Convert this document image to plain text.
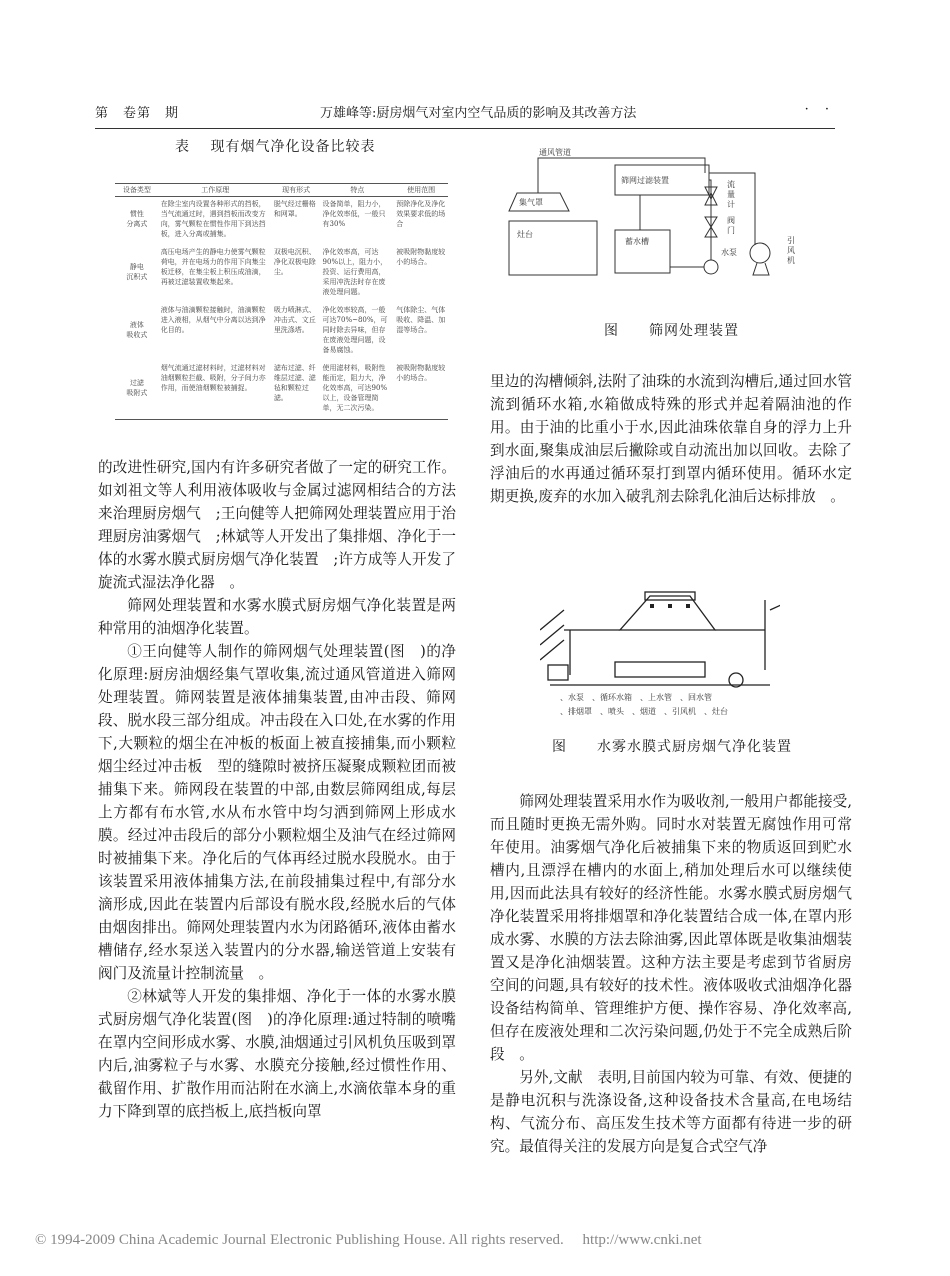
第　卷第　期	万雄峰等:厨房烟气对室内空气品质的影响及其改善方法	· ·
表　 现有烟气净化设备比较表
设备类型	工作原理	现有形式	特点	使用范围
惯性
分离式	在除尘室内设置各种形式的挡板，当气流通过时，遇到挡板而改变方向，雾气颗粒在惯性作用下到达挡板，进入分离或捕集。	脱气经过栅格和网罩。	设备简单，阻力小，净化效率低，一般只有30%	预除净化及净化效果要求低的场合
静电
沉积式	高压电场产生的静电力使雾气颗粒荷电，并在电场力的作用下向集尘板迁移，在集尘板上积压成油滴，再被过滤装置收集起来。	双极电沉积、净化双极电除尘。	净化效率高，可达90%以上，阻力小，投资、运行费用高，采用冲洗法时存在废液处理问题。	被吸附物黏度较小的场合。
液体
吸收式	液体与油滴颗粒接触时，油滴颗粒进入液相，从烟气中分离以达到净化目的。	吸力喷淋式、冲击式、文丘里洗涤塔。	净化效率较高，一般可达70%~80%，可同时除去异味，但存在废液处理问题，设备易腐蚀。	气体除尘、气体吸收、降温、加湿等场合。
过滤
吸附式	烟气流通过滤材料时，过滤材料对油烟颗粒拦截、吸附，分子间力亦作用，而使油烟颗粒被捕捉。	滤布过滤、纤维层过滤、滤毡和颗粒过滤。	使用滤材料，吸附性能而定，阻力大，净化效率高，可达90%以上，设备管理简单，无二次污染。	被吸附物黏度较小的场合。

的改进性研究,国内有许多研究者做了一定的研究工作。如刘祖文等人利用液体吸收与金属过滤网相结合的方法来治理厨房烟气　;王向健等人把筛网处理装置应用于治理厨房油雾烟气　;林斌等人开发出了集排烟、净化于一体的水雾水膜式厨房烟气净化装置　;许方成等人开发了旋流式湿法净化器　。

筛网处理装置和水雾水膜式厨房烟气净化装置是两种常用的油烟净化装置。

①王向健等人制作的筛网烟气处理装置(图　)的净化原理:厨房油烟经集气罩收集,流过通风管道进入筛网处理装置。筛网装置是液体捕集装置,由冲击段、筛网段、脱水段三部分组成。冲击段在入口处,在水雾的作用下,大颗粒的烟尘在冲板的板面上被直接捕集,而小颗粒烟尘经过冲击板　型的缝隙时被挤压凝聚成颗粒团而被捕集下来。筛网段在装置的中部,由数层筛网组成,每层上方都有布水管,水从布水管中均匀洒到筛网上形成水膜。经过冲击段后的部分小颗粒烟尘及油气在经过筛网时被捕集下来。净化后的气体再经过脱水段脱水。由于该装置采用液体捕集方法,在前段捕集过程中,有部分水滴形成,因此在装置内后部设有脱水段,经脱水后的气体由烟囱排出。筛网处理装置内水为闭路循环,液体由蓄水槽储存,经水泵送入装置内的分水器,输送管道上安装有阀门及流量计控制流量　。

②林斌等人开发的集排烟、净化于一体的水雾水膜式厨房烟气净化装置(图　)的净化原理:通过特制的喷嘴在罩内空间形成水雾、水膜,油烟通过引风机负压吸到罩内后,油雾粒子与水雾、水膜充分接触,经过惯性作用、截留作用、扩散作用而沾附在水滴上,水滴依靠本身的重力下降到罩的底挡板上,底挡板向罩

通风管道
筛网过滤装置
集气罩
灶台
蓄水槽
水泵
流
量
计
阀
门
引
风
机
图　　筛网处理装置

里边的沟槽倾斜,法附了油珠的水流到沟槽后,通过回水管流到循环水箱,水箱做成特殊的形式并起着隔油池的作用。由于油的比重小于水,因此油珠依靠自身的浮力上升到水面,聚集成油层后撇除或自动流出加以回收。去除了浮油后的水再通过循环泵打到罩内循环使用。循环水定期更换,废弃的水加入破乳剂去除乳化油后达标排放　。

、水泵　、循环水箱　、上水管　、回水管
、排烟罩　、喷头　、烟道　、引风机　、灶台
图　　水雾水膜式厨房烟气净化装置

筛网处理装置采用水作为吸收剂,一般用户都能接受,而且随时更换无需外购。同时水对装置无腐蚀作用可常年使用。油雾烟气净化后被捕集下来的物质返回到贮水槽内,且漂浮在槽内的水面上,稍加处理后水可以继续使用,因而此法具有较好的经济性能。水雾水膜式厨房烟气净化装置采用将排烟罩和净化装置结合成一体,在罩内形成水雾、水膜的方法去除油雾,因此罩体既是收集油烟装置又是净化油烟装置。这种方法主要是考虑到节省厨房空间的问题,具有较好的技术性。液体吸收式油烟净化器设备结构简单、管理维护方便、操作容易、净化效率高,但存在废液处理和二次污染问题,仍处于不完全成熟后阶段　。

另外,文献　表明,目前国内较为可靠、有效、便捷的是静电沉积与洗涤设备,这种设备技术含量高,在电场结构、气流分布、高压发生技术等方面都有待进一步的研究。最值得关注的发展方向是复合式空气净

© 1994-2009 China Academic Journal Electronic Publishing House. All rights reserved.　 http://www.cnki.net
